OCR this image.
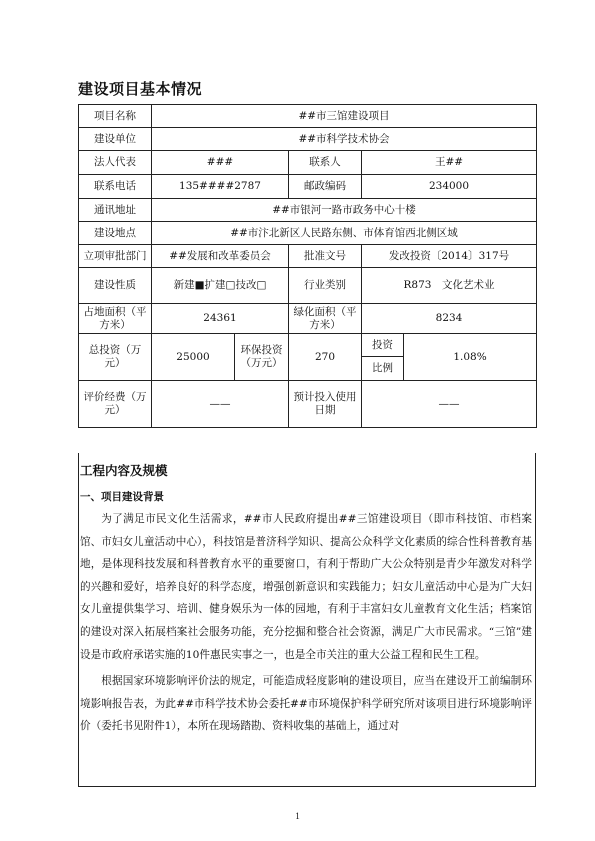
建设项目基本情况
项目名称	##市三馆建设项目				
建设单位	##市科学技术协会				
法人代表	###		联系人	王##	
联系电话	135####2787		邮政编码	234000	
通讯地址	##市银河一路市政务中心十楼				
建设地点	##市汴北新区人民路东侧、市体育馆西北侧区域				
立项审批部门	##发展和改革委员会		批准文号	发改投资〔2014〕317号	
建设性质	新建■扩建□技改□		行业类别	R873　文化艺术业	
占地面积（平方米）	24361		绿化面积（平方米）	8234	
总投资（万元）	25000	环保投资（万元）	270	投资
比例	1.08%
评价经费（万元）	——		预计投入使用日期	——	
工程内容及规模
一、项目建设背景
为了满足市民文化生活需求，##市人民政府提出##三馆建设项目（即市科技馆、市档案馆、市妇女儿童活动中心），科技馆是普济科学知识、提高公众科学文化素质的综合性科普教育基地，是体现科技发展和科普教育水平的重要窗口，有利于帮助广大公众特别是青少年激发对科学的兴趣和爱好，培养良好的科学态度，增强创新意识和实践能力；妇女儿童活动中心是为广大妇女儿童提供集学习、培训、健身娱乐为一体的园地，有利于丰富妇女儿童教育文化生活；档案馆的建设对深入拓展档案社会服务功能，充分挖掘和整合社会资源，满足广大市民需求。“三馆”建设是市政府承诺实施的10件惠民实事之一，也是全市关注的重大公益工程和民生工程。
根据国家环境影响评价法的规定，可能造成轻度影响的建设项目，应当在建设开工前编制环境影响报告表，为此##市科学技术协会委托##市环境保护科学研究所对该项目进行环境影响评价（委托书见附件1），本所在现场踏勘、资料收集的基础上，通过对
1
